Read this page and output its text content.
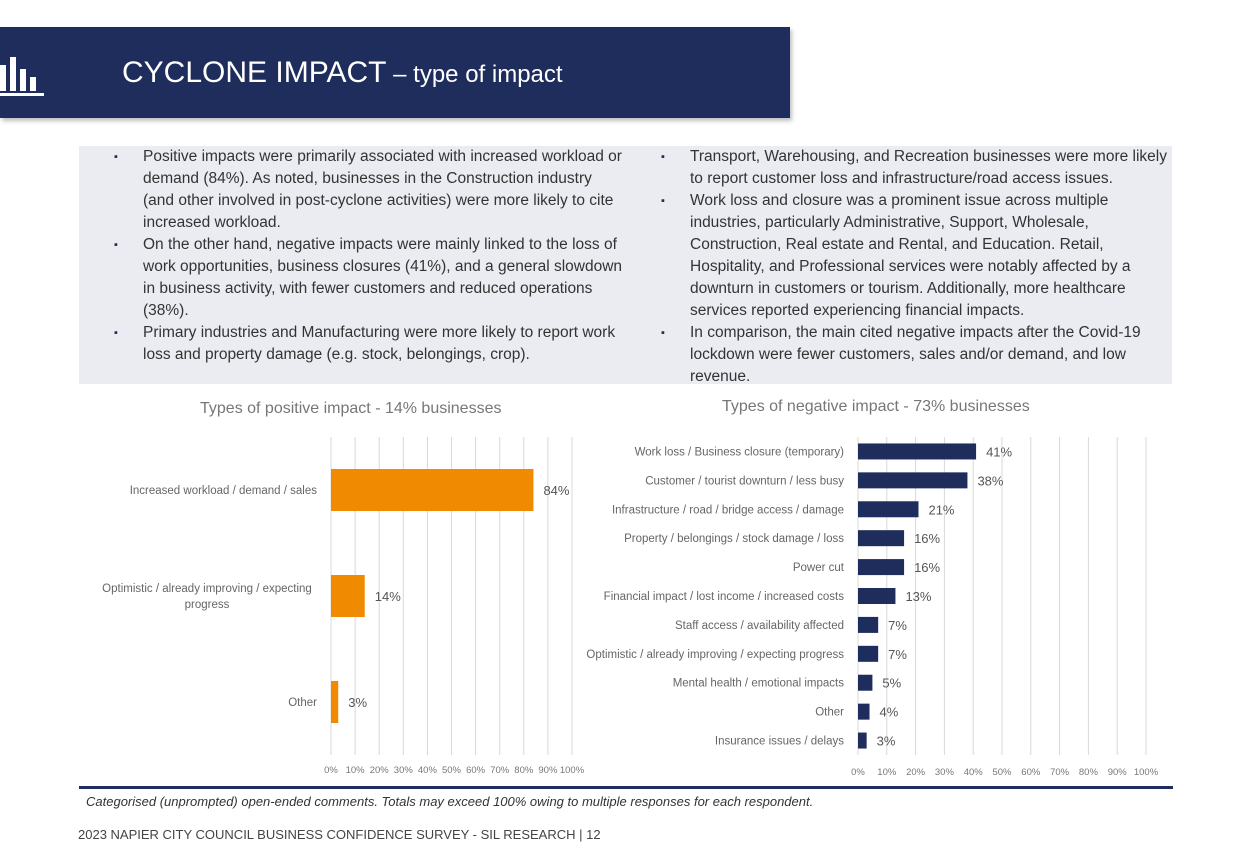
CYCLONE IMPACT – type of impact
▪ Positive impacts were primarily associated with increased workload or demand (84%). As noted, businesses in the Construction industry (and other involved in post-cyclone activities) were more likely to cite increased workload.
▪ On the other hand, negative impacts were mainly linked to the loss of work opportunities, business closures (41%), and a general slowdown in business activity, with fewer customers and reduced operations (38%).
▪ Primary industries and Manufacturing were more likely to report work loss and property damage (e.g. stock, belongings, crop).
▪ Transport, Warehousing, and Recreation businesses were more likely to report customer loss and infrastructure/road access issues.
▪ Work loss and closure was a prominent issue across multiple industries, particularly Administrative, Support, Wholesale, Construction, Real estate and Rental, and Education. Retail, Hospitality, and Professional services were notably affected by a downturn in customers or tourism. Additionally, more healthcare services reported experiencing financial impacts.
▪ In comparison, the main cited negative impacts after the Covid-19 lockdown were fewer customers, sales and/or demand, and low revenue.
Types of positive impact - 14% businesses	Types of negative impact - 73% businesses
0% 10% 20% 30% 40% 50% 60% 70% 80% 90% 100%
Increased workload / demand / sales	84%
Optimistic / already improving / expecting progress
14%
Other 3%
0% 10% 20% 30% 40% 50% 60% 70% 80% 90% 100%
Work loss / Business closure (temporary)	41%
Customer / tourist downturn / less busy	38%
Infrastructure / road / bridge access / damage	21%
Property / belongings / stock damage / loss	16%
Power cut	16%
Financial impact / lost income / increased costs	13%
Staff access / availability affected	7%
Optimistic / already improving / expecting progress	7%
Mental health / emotional impacts	5%
Other	4%
Insurance issues / delays	3%
Categorised (unprompted) open-ended comments. Totals may exceed 100% owing to multiple responses for each respondent.
2023 NAPIER CITY COUNCIL BUSINESS CONFIDENCE SURVEY - SIL RESEARCH | 12
